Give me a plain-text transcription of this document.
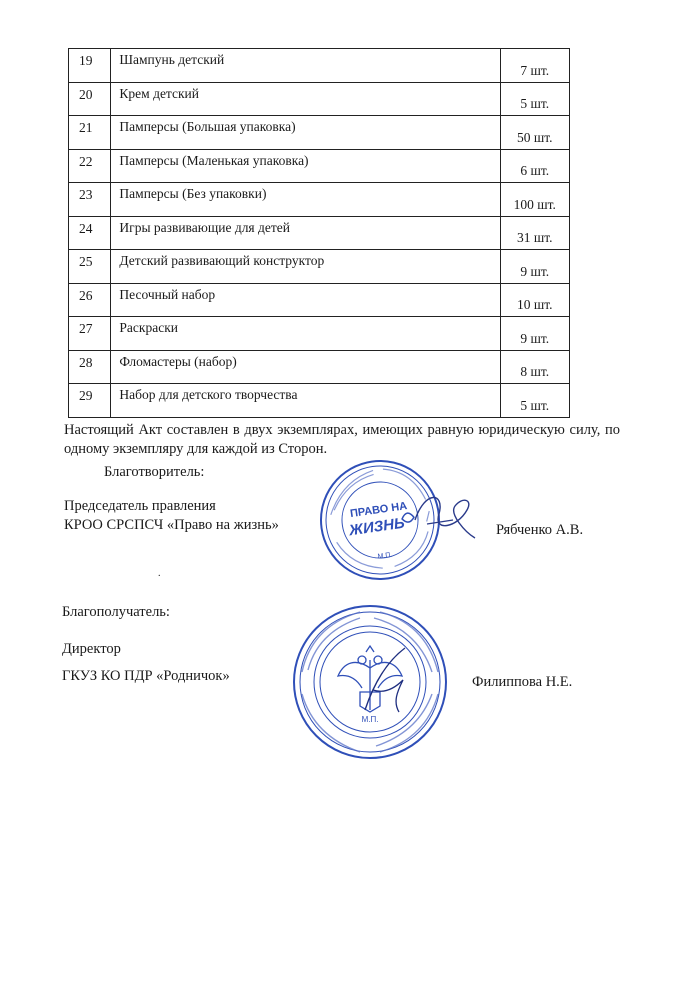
19	Шампунь детский	7 шт.
20	Крем детский	5 шт.
21	Памперсы (Большая упаковка)	50 шт.
22	Памперсы (Маленькая упаковка)	6 шт.
23	Памперсы (Без упаковки)	100 шт.
24	Игры развивающие для детей	31 шт.
25	Детский развивающий конструктор	9 шт.
26	Песочный набор	10 шт.
27	Раскраски	9 шт.
28	Фломастеры (набор)	8 шт.
29	Набор для детского творчества	5 шт.
Настоящий Акт составлен в двух экземплярах, имеющих равную юридическую силу, по одному экземпляру для каждой из Сторон.
Благотворитель:
Председатель правления
КРОО СРСПСЧ «Право на жизнь»	Рябченко А.В.
ПРАВО НА
ЖИЗНЬ
М.П.
.
Благополучатель:
Директор
ГКУЗ КО ПДР «Родничок»	Филиппова Н.Е.
М.П.
